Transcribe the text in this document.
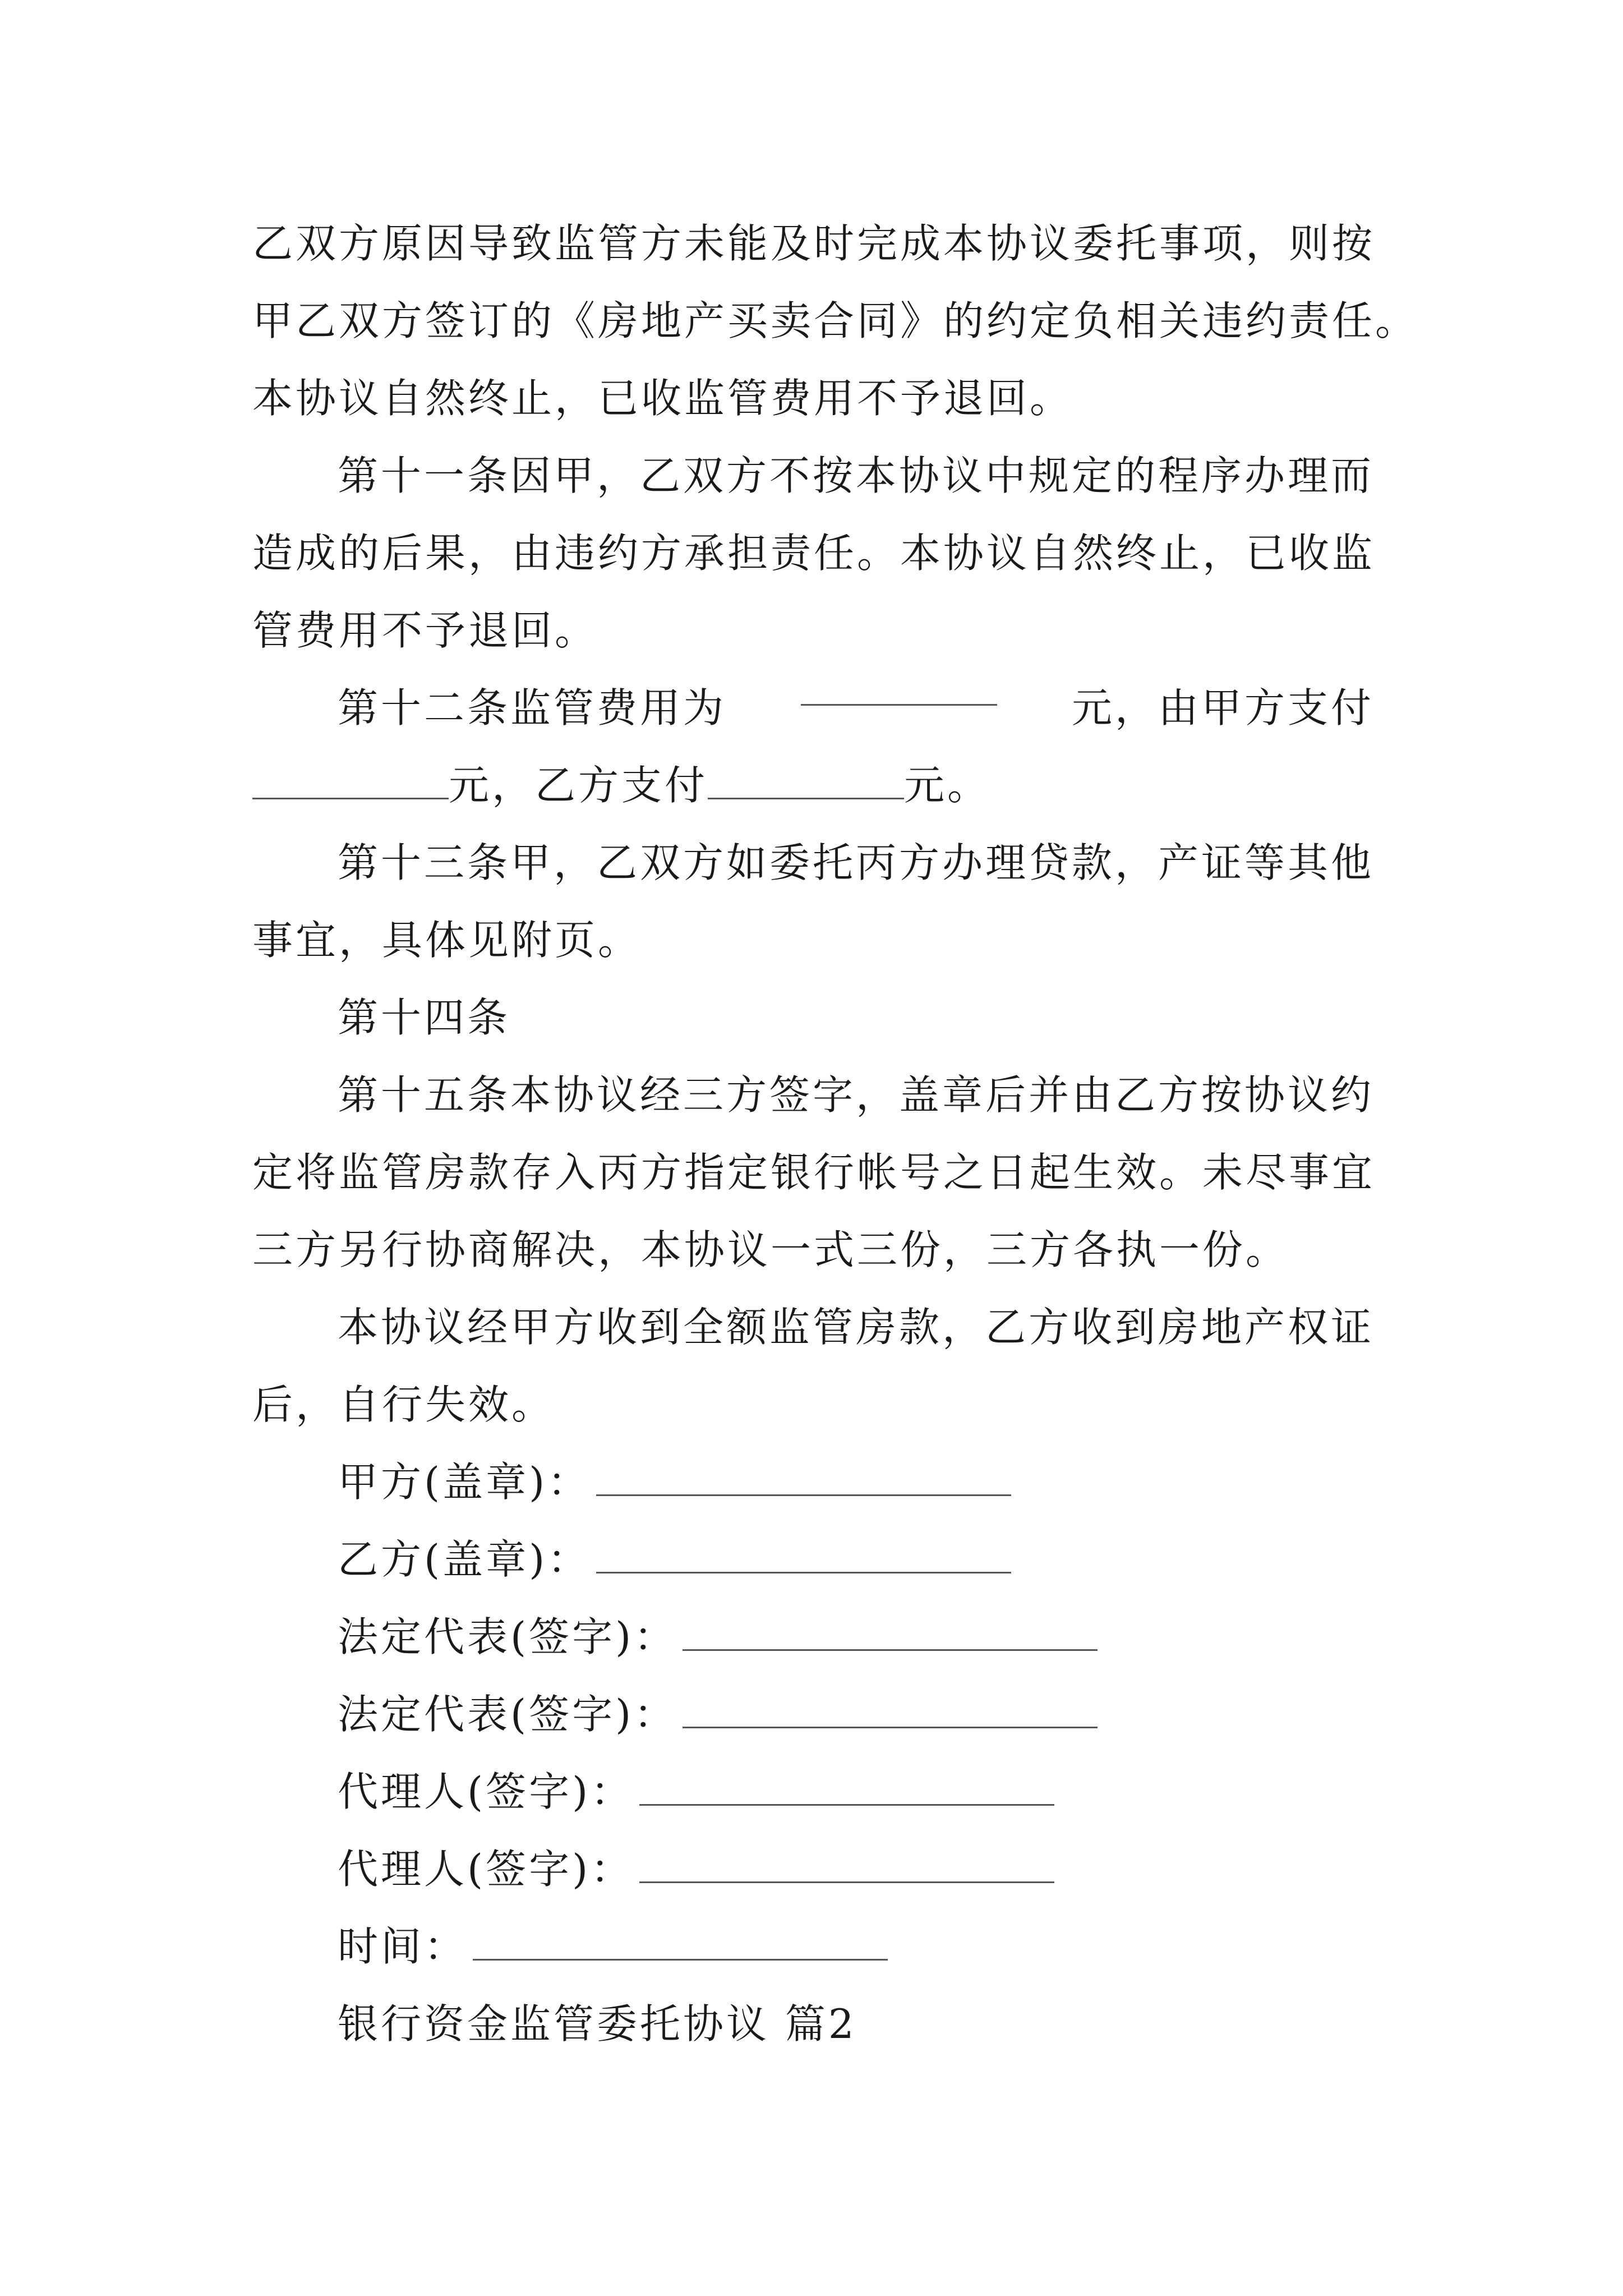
乙双方原因导致监管方未能及时完成本协议委托事项，则按
甲乙双方签订的《房地产买卖合同》的约定负相关违约责任。
本协议自然终止，已收监管费用不予退回。
第十一条因甲，乙双方不按本协议中规定的程序办理而
造成的后果，由违约方承担责任。本协议自然终止，已收监
管费用不予退回。
第十二条监管费用为	元，由甲方支付
元，乙方支付	元。
第十三条甲，乙双方如委托丙方办理贷款，产证等其他
事宜，具体见附页。
第十四条
第十五条本协议经三方签字，盖章后并由乙方按协议约
定将监管房款存入丙方指定银行帐号之日起生效。未尽事宜
三方另行协商解决，本协议一式三份，三方各执一份。
本协议经甲方收到全额监管房款，乙方收到房地产权证
后，自行失效。
甲方(盖章)：
乙方(盖章)：
法定代表(签字)：
法定代表(签字)：
代理人(签字)：
代理人(签字)：
时间：
银行资金监管委托协议 篇2
